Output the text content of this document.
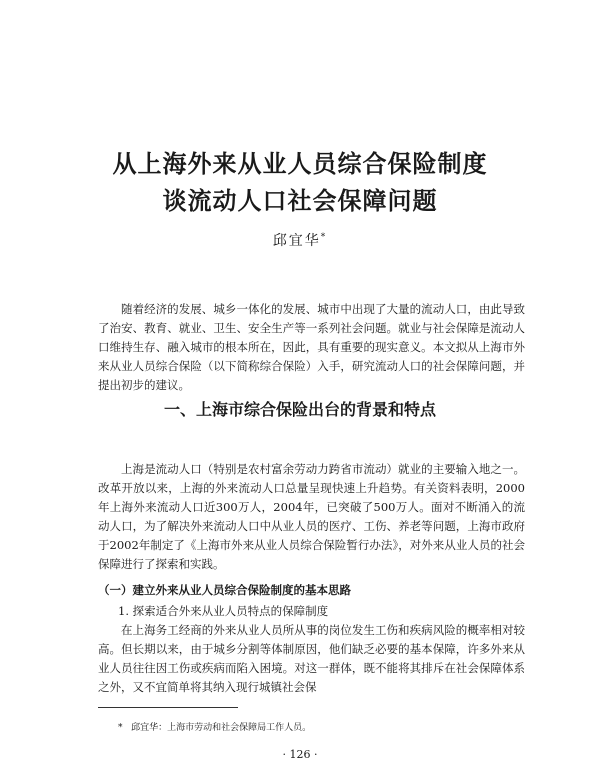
从上海外来从业人员综合保险制度
谈流动人口社会保障问题
邱宜华*

随着经济的发展、城乡一体化的发展、城市中出现了大量的流动人口，由此导致了治安、教育、就业、卫生、安全生产等一系列社会问题。就业与社会保障是流动人口维持生存、融入城市的根本所在，因此，具有重要的现实意义。本文拟从上海市外来从业人员综合保险（以下简称综合保险）入手，研究流动人口的社会保障问题，并提出初步的建议。

一、上海市综合保险出台的背景和特点

上海是流动人口（特别是农村富余劳动力跨省市流动）就业的主要输入地之一。改革开放以来，上海的外来流动人口总量呈现快速上升趋势。有关资料表明，2000年上海外来流动人口近300万人，2004年，已突破了500万人。面对不断涌入的流动人口，为了解决外来流动人口中从业人员的医疗、工伤、养老等问题，上海市政府于2002年制定了《上海市外来从业人员综合保险暂行办法》，对外来从业人员的社会保障进行了探索和实践。

（一）建立外来从业人员综合保险制度的基本思路

1. 探索适合外来从业人员特点的保障制度

在上海务工经商的外来从业人员所从事的岗位发生工伤和疾病风险的概率相对较高。但长期以来，由于城乡分割等体制原因，他们缺乏必要的基本保障，许多外来从业人员往往因工伤或疾病而陷入困境。对这一群体，既不能将其排斥在社会保障体系之外，又不宜简单将其纳入现行城镇社会保

* 邱宜华：上海市劳动和社会保障局工作人员。

· 126 ·
